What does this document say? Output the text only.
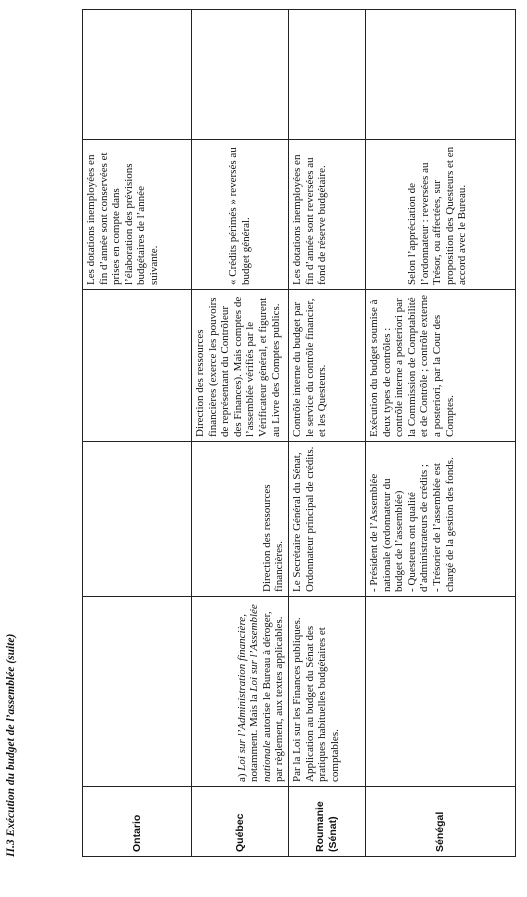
II.3 Exécution du budget de l’assemblée (suite)	Ontario				Les dotations inemployées en fin d’année sont conservées et prises en compte dans l’élaboration des prévisions budgétaires de l’année suivante.	
Québec	a) Loi sur l’Administration financière, notamment. Mais la Loi sur l’Assemblée nationale autorise le Bureau à déroger, par règlement, aux textes applicables.	Direction des ressources financières.	Direction des ressources financières (exerce les pouvoirs de représentant du Contrôleur des Finances). Mais comptes de l’assemblée vérifiés par le Vérificateur général, et figurent au Livre des Comptes publics.	« Crédits périmés » reversés au budget général.	
Roumanie (Sénat)	Par la Loi sur les Finances publiques. Application au budget du Sénat des pratiques habituelles budgétaires et comptables.	Le Secrétaire Général du Sénat, Ordonnateur principal de crédits.	Contrôle interne du budget par le service du contrôle financier, et les Questeurs.	Les dotations inemployées en fin d’année sont reversées au fond de réserve budgétaire.	
Sénégal		- Président de l’Assemblée nationale (ordonnateur du budget de l’assemblée) - Questeurs ont qualité d’administrateurs de crédits ; - Trésorier de l’assemblée est chargé de la gestion des fonds.	Exécution du budget soumise à deux types de contrôles : contrôle interne a posteriori par la Commission de Comptabilité et de Contrôle ; contrôle externe a posteriori, par la Cour des Comptes.	Selon l’appréciation de l’ordonnateur : reversées au Trésor, ou affectées, sur proposition des Questeurs et en accord avec le Bureau.	
